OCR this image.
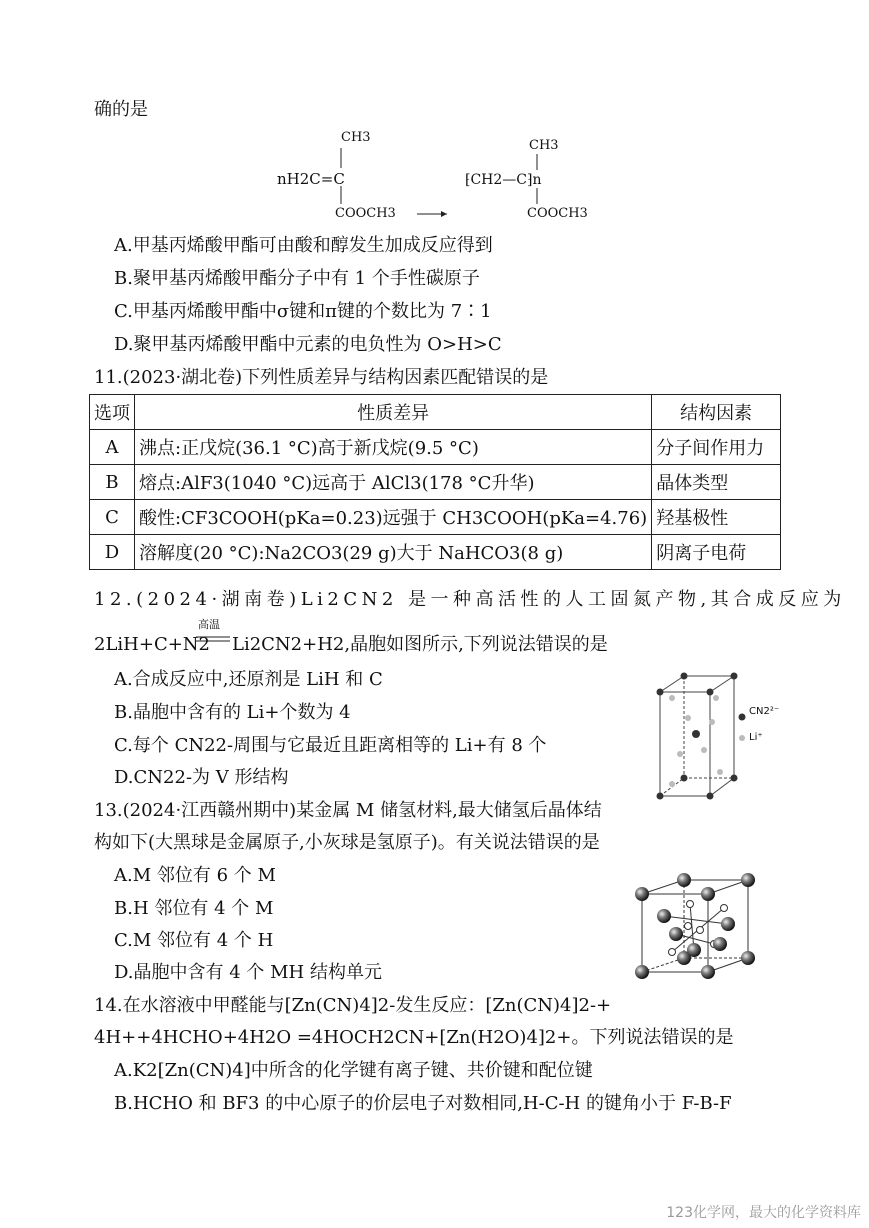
确的是
CH3
nH2C=C
COOCH3
CH3
⁅CH2—C⁆n
COOCH3
A.甲基丙烯酸甲酯可由酸和醇发生加成反应得到
B.聚甲基丙烯酸甲酯分子中有 1 个手性碳原子
C.甲基丙烯酸甲酯中σ键和π键的个数比为 7∶1
D.聚甲基丙烯酸甲酯中元素的电负性为 O>H>C
11.(2023·湖北卷)下列性质差异与结构因素匹配错误的是
选项	性质差异	结构因素
A	沸点:正戊烷(36.1 °C)高于新戊烷(9.5 °C)	分子间作用力
B	熔点:AlF3(1040 °C)远高于 AlCl3(178 °C升华)	晶体类型
C	酸性:CF3COOH(pKa=0.23)远强于 CH3COOH(pKa=4.76)	羟基极性
D	溶解度(20 °C):Na2CO3(29 g)大于 NaHCO3(8 g)	阴离子电荷
12.(2024·湖南卷)Li2CN2 是一种高活性的人工固氮产物,其合成反应为
高温
2LiH+C+N2 Li2CN2+H2,晶胞如图所示,下列说法错误的是
A.合成反应中,还原剂是 LiH 和 C
B.晶胞中含有的 Li+个数为 4
C.每个 CN22-周围与它最近且距离相等的 Li+有 8 个
D.CN22-为 V 形结构
CN2²⁻
Li⁺
13.(2024·江西赣州期中)某金属 M 储氢材料,最大储氢后晶体结
构如下(大黑球是金属原子,小灰球是氢原子)。有关说法错误的是
A.M 邻位有 6 个 M
B.H 邻位有 4 个 M
C.M 邻位有 4 个 H
D.晶胞中含有 4 个 MH 结构单元
14.在水溶液中甲醛能与[Zn(CN)4]2-发生反应：[Zn(CN)4]2-+
4H++4HCHO+4H2O =4HOCH2CN+[Zn(H2O)4]2+。下列说法错误的是
A.K2[Zn(CN)4]中所含的化学键有离子键、共价键和配位键
B.HCHO 和 BF3 的中心原子的价层电子对数相同,H-C-H 的键角小于 F-B-F
123化学网，最大的化学资料库
